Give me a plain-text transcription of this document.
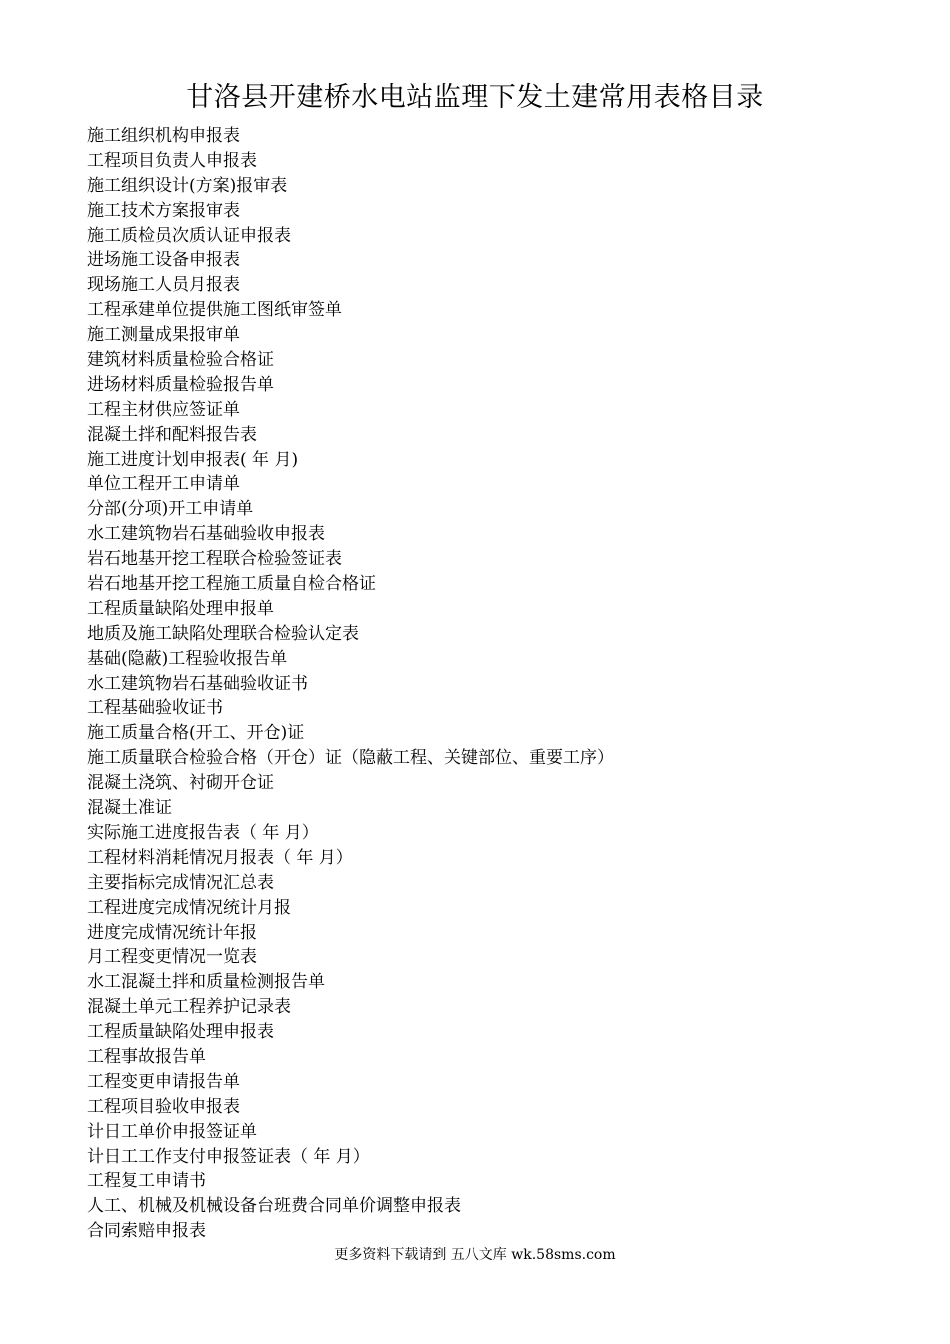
甘洛县开建桥水电站监理下发土建常用表格目录
施工组织机构申报表
工程项目负责人申报表
施工组织设计(方案)报审表
施工技术方案报审表
施工质检员次质认证申报表
进场施工设备申报表
现场施工人员月报表
工程承建单位提供施工图纸审签单
施工测量成果报审单
建筑材料质量检验合格证
进场材料质量检验报告单
工程主材供应签证单
混凝土拌和配料报告表
施工进度计划申报表( 年 月)
单位工程开工申请单
分部(分项)开工申请单
水工建筑物岩石基础验收申报表
岩石地基开挖工程联合检验签证表
岩石地基开挖工程施工质量自检合格证
工程质量缺陷处理申报单
地质及施工缺陷处理联合检验认定表
基础(隐蔽)工程验收报告单
水工建筑物岩石基础验收证书
工程基础验收证书
施工质量合格(开工、开仓)证
施工质量联合检验合格（开仓）证（隐蔽工程、关键部位、重要工序）
混凝土浇筑、衬砌开仓证
混凝土准证
实际施工进度报告表（ 年 月）
工程材料消耗情况月报表（ 年 月）
主要指标完成情况汇总表
工程进度完成情况统计月报
进度完成情况统计年报
月工程变更情况一览表
水工混凝土拌和质量检测报告单
混凝土单元工程养护记录表
工程质量缺陷处理申报表
工程事故报告单
工程变更申请报告单
工程项目验收申报表
计日工单价申报签证单
计日工工作支付申报签证表（ 年 月）
工程复工申请书
人工、机械及机械设备台班费合同单价调整申报表
合同索赔申报表
更多资料下载请到 五八文库 wk.58sms.com
